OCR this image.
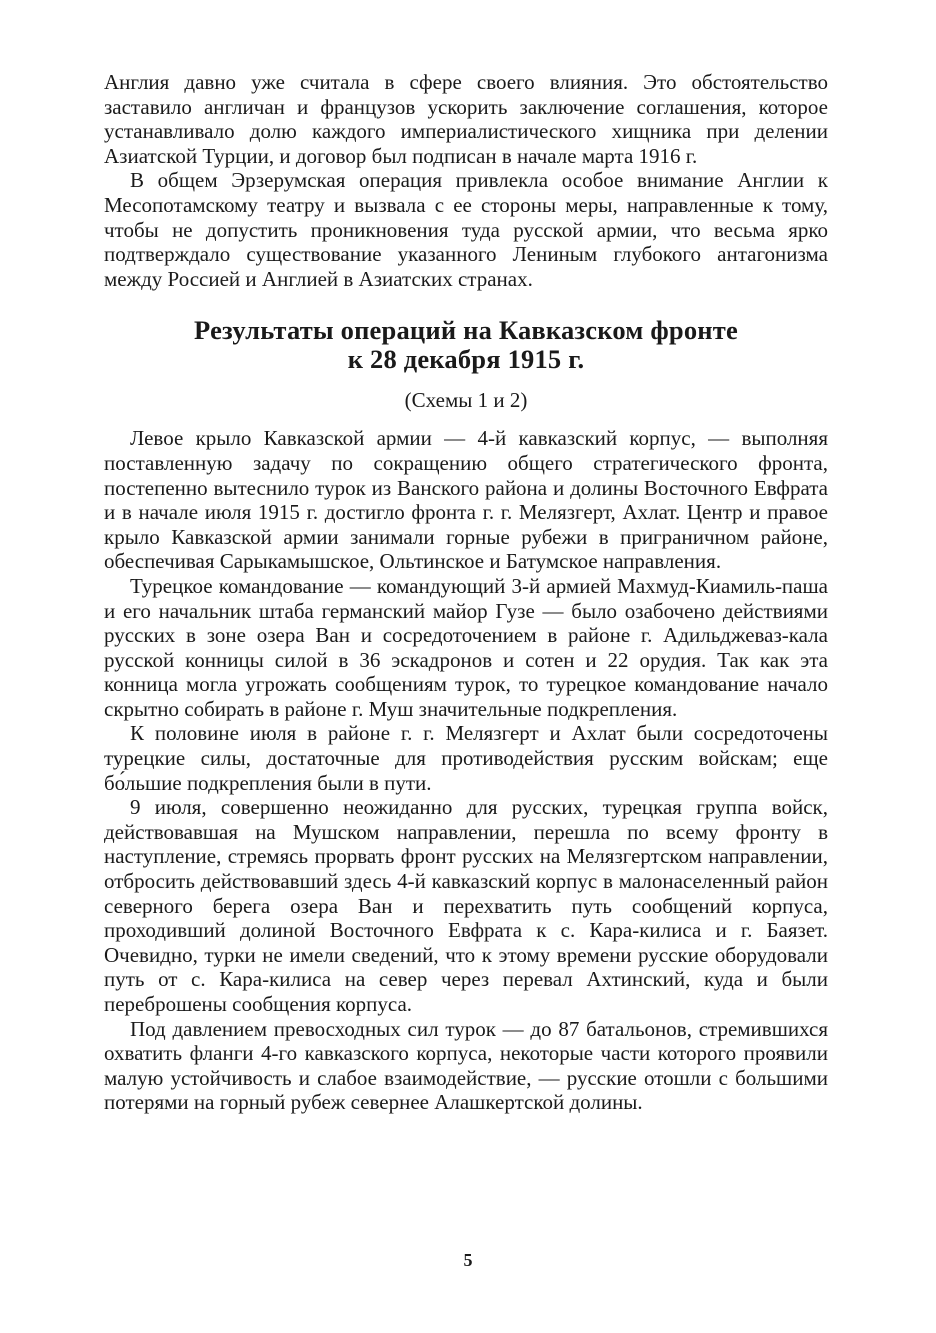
Англия давно уже считала в сфере своего влияния. Это обстоятельство заставило англичан и французов ускорить заключение соглашения, которое устанавливало долю каждого империалистического хищника при делении Азиатской Турции, и договор был подписан в начале марта 1916 г.

В общем Эрзерумская операция привлекла особое внимание Англии к Месопотамскому театру и вызвала с ее стороны меры, направленные к тому, чтобы не допустить проникновения туда русской армии, что весьма ярко подтверждало существование указанного Лениным глубокого антагонизма между Россией и Англией в Азиатских странах.

Результаты операций на Кавказском фронте
к 28 декабря 1915 г.
(Схемы 1 и 2)

Левое крыло Кавказской армии — 4-й кавказский корпус, — выполняя поставленную задачу по сокращению общего стратегического фронта, постепенно вытеснило турок из Ванского района и долины Восточного Евфрата и в начале июля 1915 г. достигло фронта г. г. Мелязгерт, Ахлат. Центр и правое крыло Кавказской армии занимали горные рубежи в приграничном районе, обеспечивая Сарыкамышское, Ольтинское и Батумское направления.

Турецкое командование — командующий 3-й армией Махмуд-Киамиль-паша и его начальник штаба германский майор Гузе — было озабочено действиями русских в зоне озера Ван и сосредоточением в районе г. Адильджеваз-кала русской конницы силой в 36 эскадронов и сотен и 22 орудия. Так как эта конница могла угрожать сообщениям турок, то турецкое командование начало скрытно собирать в районе г. Муш значительные подкрепления.

К половине июля в районе г. г. Мелязгерт и Ахлат были сосредоточены турецкие силы, достаточные для противодействия русским войскам; еще бо́льшие подкрепления были в пути.

9 июля, совершенно неожиданно для русских, турецкая группа войск, действовавшая на Мушском направлении, перешла по всему фронту в наступление, стремясь прорвать фронт русских на Мелязгертском направлении, отбросить действовавший здесь 4-й кавказский корпус в малонаселенный район северного берега озера Ван и перехватить путь сообщений корпуса, проходивший долиной Восточного Евфрата к с. Кара-килиса и г. Баязет. Очевидно, турки не имели сведений, что к этому времени русские оборудовали путь от с. Кара-килиса на север через перевал Ахтинский, куда и были переброшены сообщения корпуса.

Под давлением превосходных сил турок — до 87 батальонов, стремившихся охватить фланги 4-го кавказского корпуса, некоторые части которого проявили малую устойчивость и слабое взаимодействие, — русские отошли с большими потерями на горный рубеж севернее Алашкертской долины.

5
